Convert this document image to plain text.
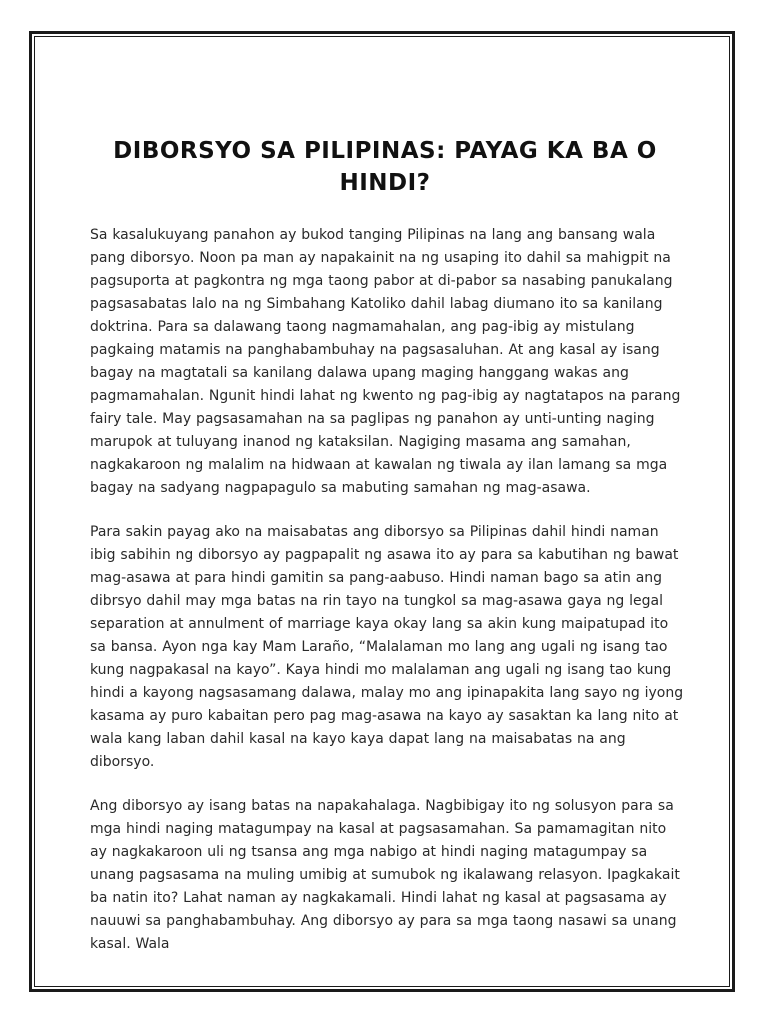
DIBORSYO SA PILIPINAS: PAYAG KA BA O HINDI?

Sa kasalukuyang panahon ay bukod tanging Pilipinas na lang ang bansang wala pang diborsyo. Noon pa man ay napakainit na ng usaping ito dahil sa mahigpit na pagsuporta at pagkontra ng mga taong pabor at di-pabor sa nasabing panukalang pagsasabatas lalo na ng Simbahang Katoliko dahil labag diumano ito sa kanilang doktrina. Para sa dalawang taong nagmamahalan, ang pag-ibig ay mistulang pagkaing matamis na panghabambuhay na pagsasaluhan. At ang kasal ay isang bagay na magtatali sa kanilang dalawa upang maging hanggang wakas ang pagmamahalan. Ngunit hindi lahat ng kwento ng pag-ibig ay nagtatapos na parang fairy tale. May pagsasamahan na sa paglipas ng panahon ay unti-unting naging marupok at tuluyang inanod ng kataksilan. Nagiging masama ang samahan, nagkakaroon ng malalim na hidwaan at kawalan ng tiwala ay ilan lamang sa mga bagay na sadyang nagpapagulo sa mabuting samahan ng mag-asawa.

Para sakin payag ako na maisabatas ang diborsyo sa Pilipinas dahil hindi naman ibig sabihin ng diborsyo ay pagpapalit ng asawa ito ay para sa kabutihan ng bawat mag-asawa at para hindi gamitin sa pang-aabuso. Hindi naman bago sa atin ang dibrsyo dahil may mga batas na rin tayo na tungkol sa mag-asawa gaya ng legal separation at annulment of marriage kaya okay lang sa akin kung maipatupad ito sa bansa. Ayon nga kay Mam Laraño, “Malalaman mo lang ang ugali ng isang tao kung nagpakasal na kayo”. Kaya hindi mo malalaman ang ugali ng isang tao kung hindi a kayong nagsasamang dalawa, malay mo ang ipinapakita lang sayo ng iyong kasama ay puro kabaitan pero pag mag-asawa na kayo ay sasaktan ka lang nito at wala kang laban dahil kasal na kayo kaya dapat lang na maisabatas na ang diborsyo.

Ang diborsyo ay isang batas na napakahalaga. Nagbibigay ito ng solusyon para sa mga hindi naging matagumpay na kasal at pagsasamahan. Sa pamamagitan nito ay nagkakaroon uli ng tsansa ang mga nabigo at hindi naging matagumpay sa unang pagsasama na muling umibig at sumubok ng ikalawang relasyon. Ipagkakait ba natin ito? Lahat naman ay nagkakamali. Hindi lahat ng kasal at pagsasama ay nauuwi sa panghabambuhay. Ang diborsyo ay para sa mga taong nasawi sa unang kasal. Wala
